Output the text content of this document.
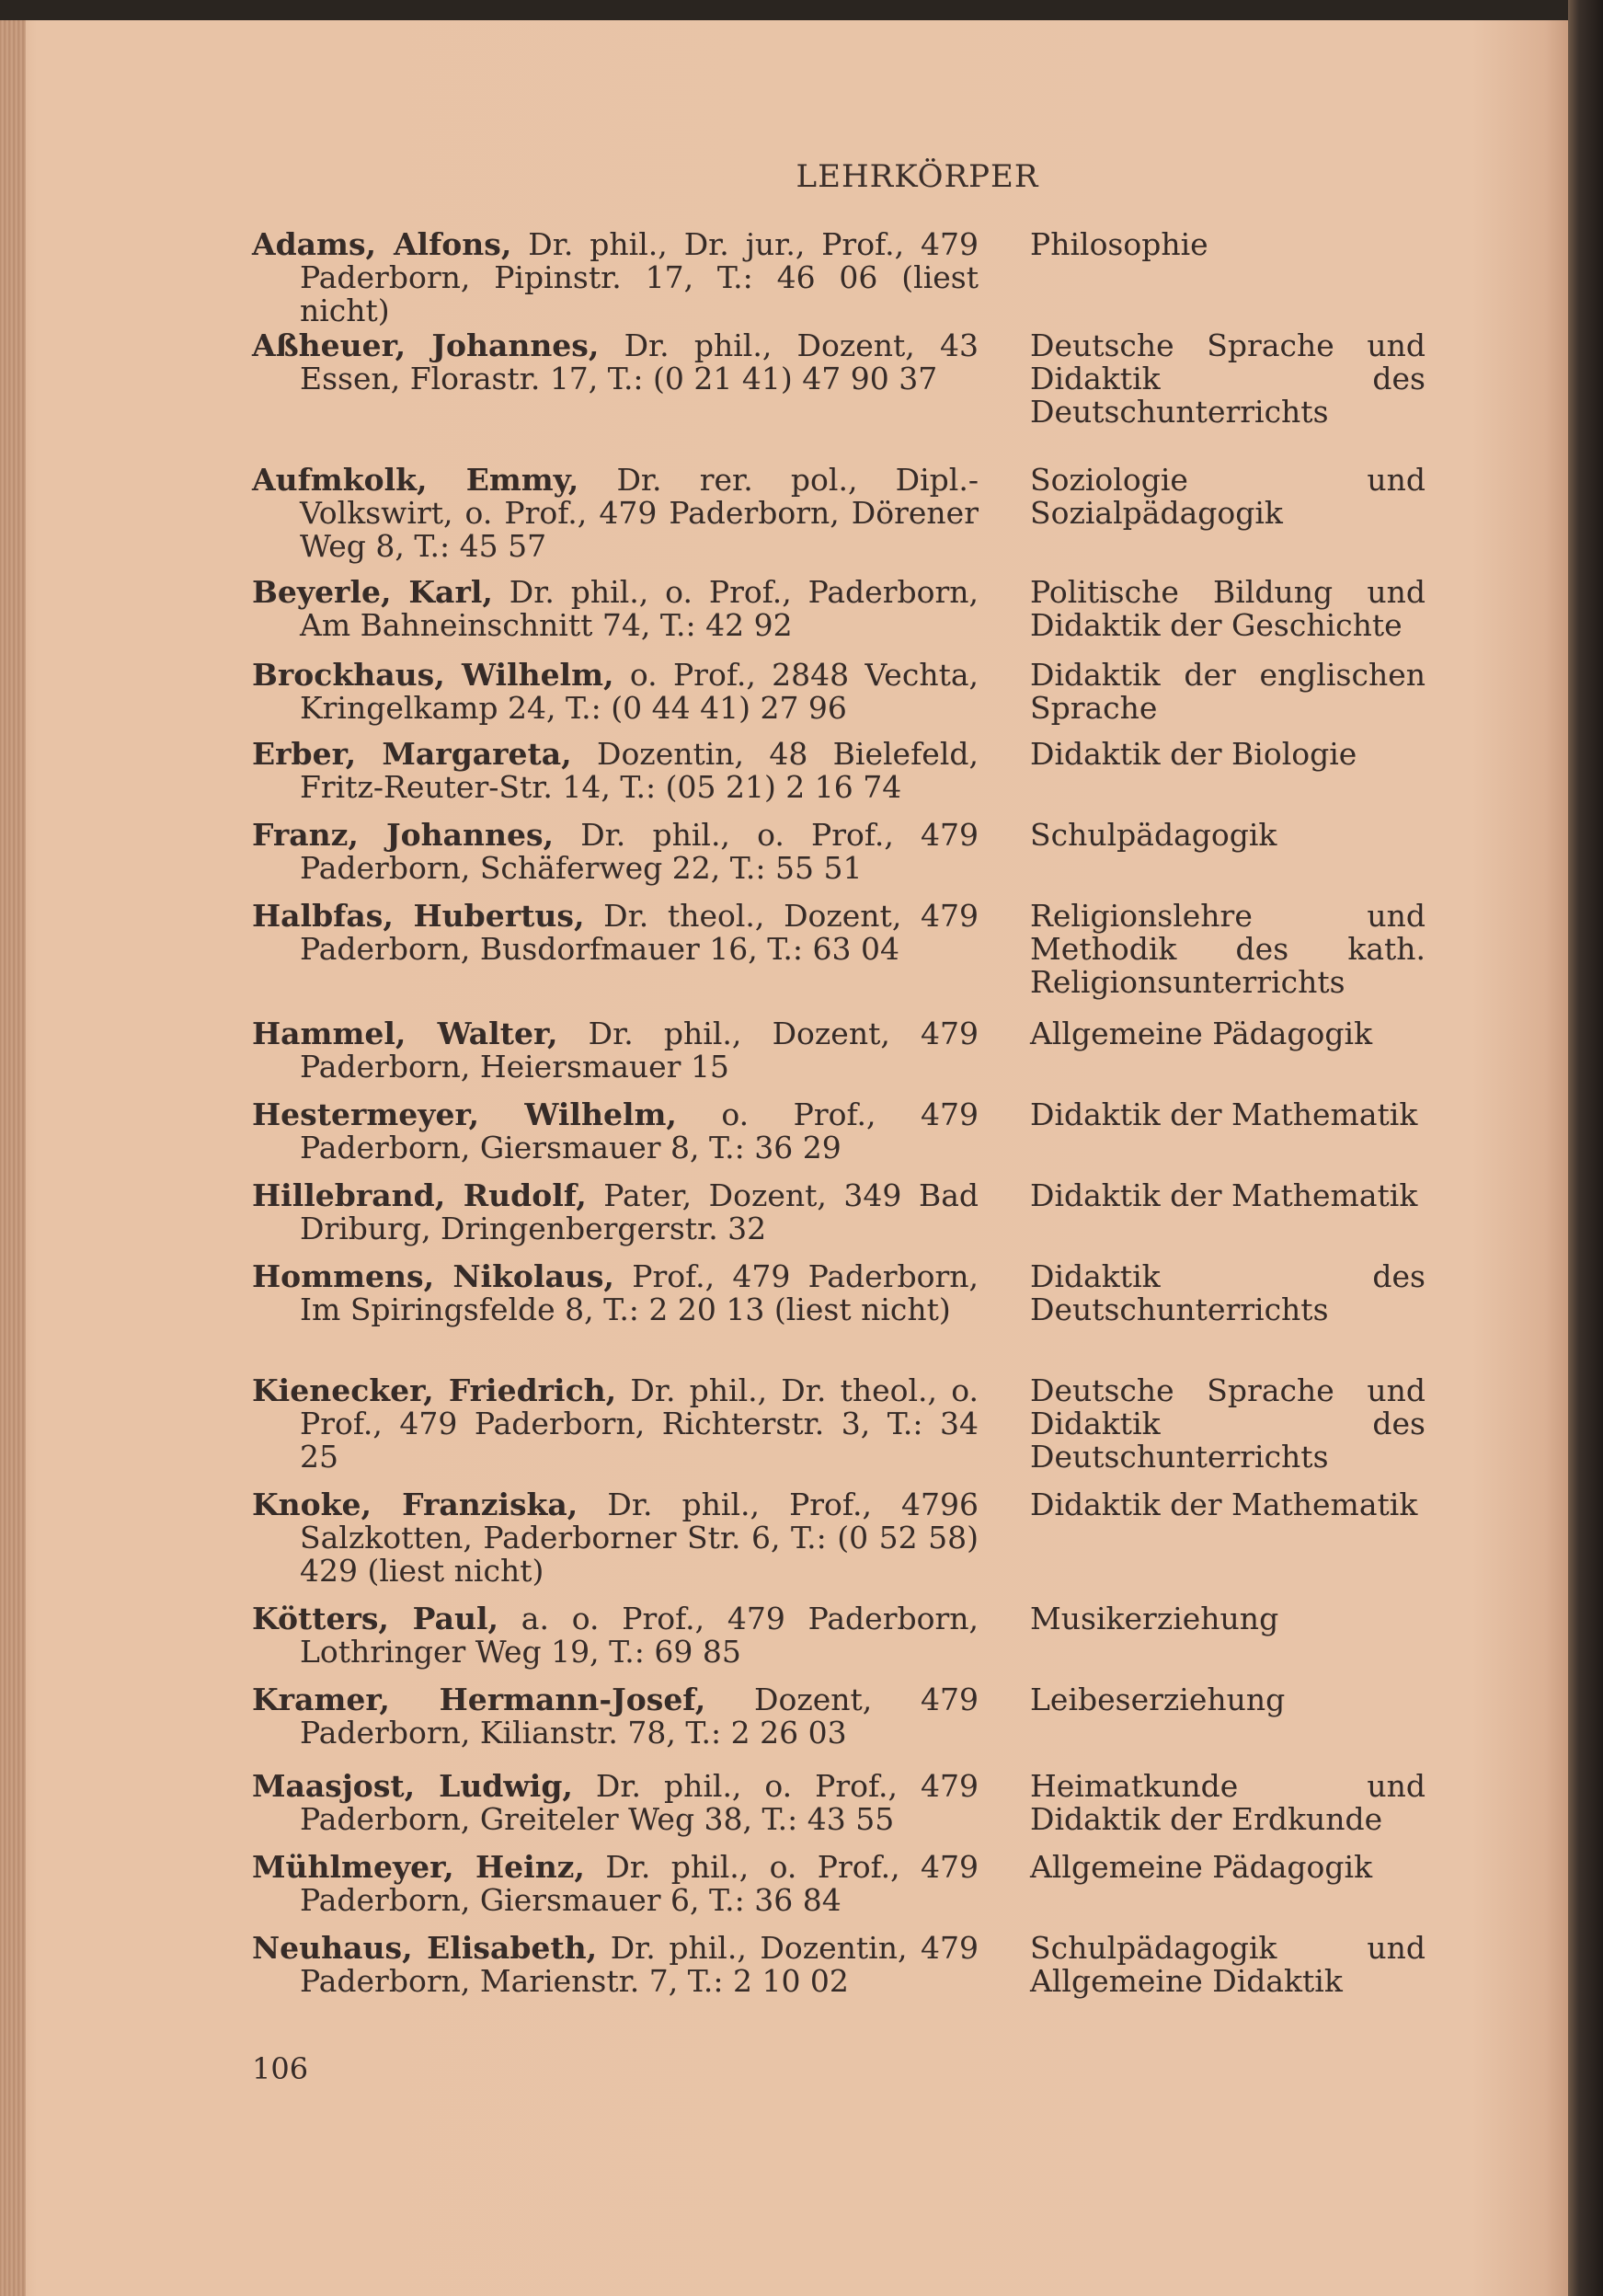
LEHRKÖRPER
Adams, Alfons, Dr. phil., Dr. jur., Prof., 479 Paderborn, Pipinstr. 17, T.: 46 06 (liest nicht)
Philosophie
Aßheuer, Johannes, Dr. phil., Dozent, 43 Essen, Florastr. 17, T.: (0 21 41) 47 90 37
Deutsche Sprache und Didaktik des Deutschunterrichts
Aufmkolk, Emmy, Dr. rer. pol., Dipl.-Volkswirt, o. Prof., 479 Paderborn, Dörener Weg 8, T.: 45 57
Soziologie und Sozialpädagogik
Beyerle, Karl, Dr. phil., o. Prof., Paderborn, Am Bahneinschnitt 74, T.: 42 92
Politische Bildung und Didaktik der Geschichte
Brockhaus, Wilhelm, o. Prof., 2848 Vechta, Kringelkamp 24, T.: (0 44 41) 27 96
Didaktik der englischen Sprache
Erber, Margareta, Dozentin, 48 Bielefeld, Fritz-Reuter-Str. 14, T.: (05 21) 2 16 74
Didaktik der Biologie
Franz, Johannes, Dr. phil., o. Prof., 479 Paderborn, Schäferweg 22, T.: 55 51
Schulpädagogik
Halbfas, Hubertus, Dr. theol., Dozent, 479 Paderborn, Busdorfmauer 16, T.: 63 04
Religionslehre und Methodik des kath. Religionsunterrichts
Hammel, Walter, Dr. phil., Dozent, 479 Paderborn, Heiersmauer 15
Allgemeine Pädagogik
Hestermeyer, Wilhelm, o. Prof., 479 Paderborn, Giersmauer 8, T.: 36 29
Didaktik der Mathematik
Hillebrand, Rudolf, Pater, Dozent, 349 Bad Driburg, Dringenbergerstr. 32
Didaktik der Mathematik
Hommens, Nikolaus, Prof., 479 Paderborn, Im Spiringsfelde 8, T.: 2 20 13 (liest nicht)
Didaktik des Deutschunterrichts
Kienecker, Friedrich, Dr. phil., Dr. theol., o. Prof., 479 Paderborn, Richterstr. 3, T.: 34 25
Deutsche Sprache und Didaktik des Deutschunterrichts
Knoke, Franziska, Dr. phil., Prof., 4796 Salzkotten, Paderborner Str. 6, T.: (0 52 58) 429 (liest nicht)
Didaktik der Mathematik
Kötters, Paul, a. o. Prof., 479 Paderborn, Lothringer Weg 19, T.: 69 85
Musikerziehung
Kramer, Hermann-Josef, Dozent, 479 Paderborn, Kilianstr. 78, T.: 2 26 03
Leibeserziehung
Maasjost, Ludwig, Dr. phil., o. Prof., 479 Paderborn, Greiteler Weg 38, T.: 43 55
Heimatkunde und Didaktik der Erdkunde
Mühlmeyer, Heinz, Dr. phil., o. Prof., 479 Paderborn, Giersmauer 6, T.: 36 84
Allgemeine Pädagogik
Neuhaus, Elisabeth, Dr. phil., Dozentin, 479 Paderborn, Marienstr. 7, T.: 2 10 02
Schulpädagogik und Allgemeine Didaktik
106
